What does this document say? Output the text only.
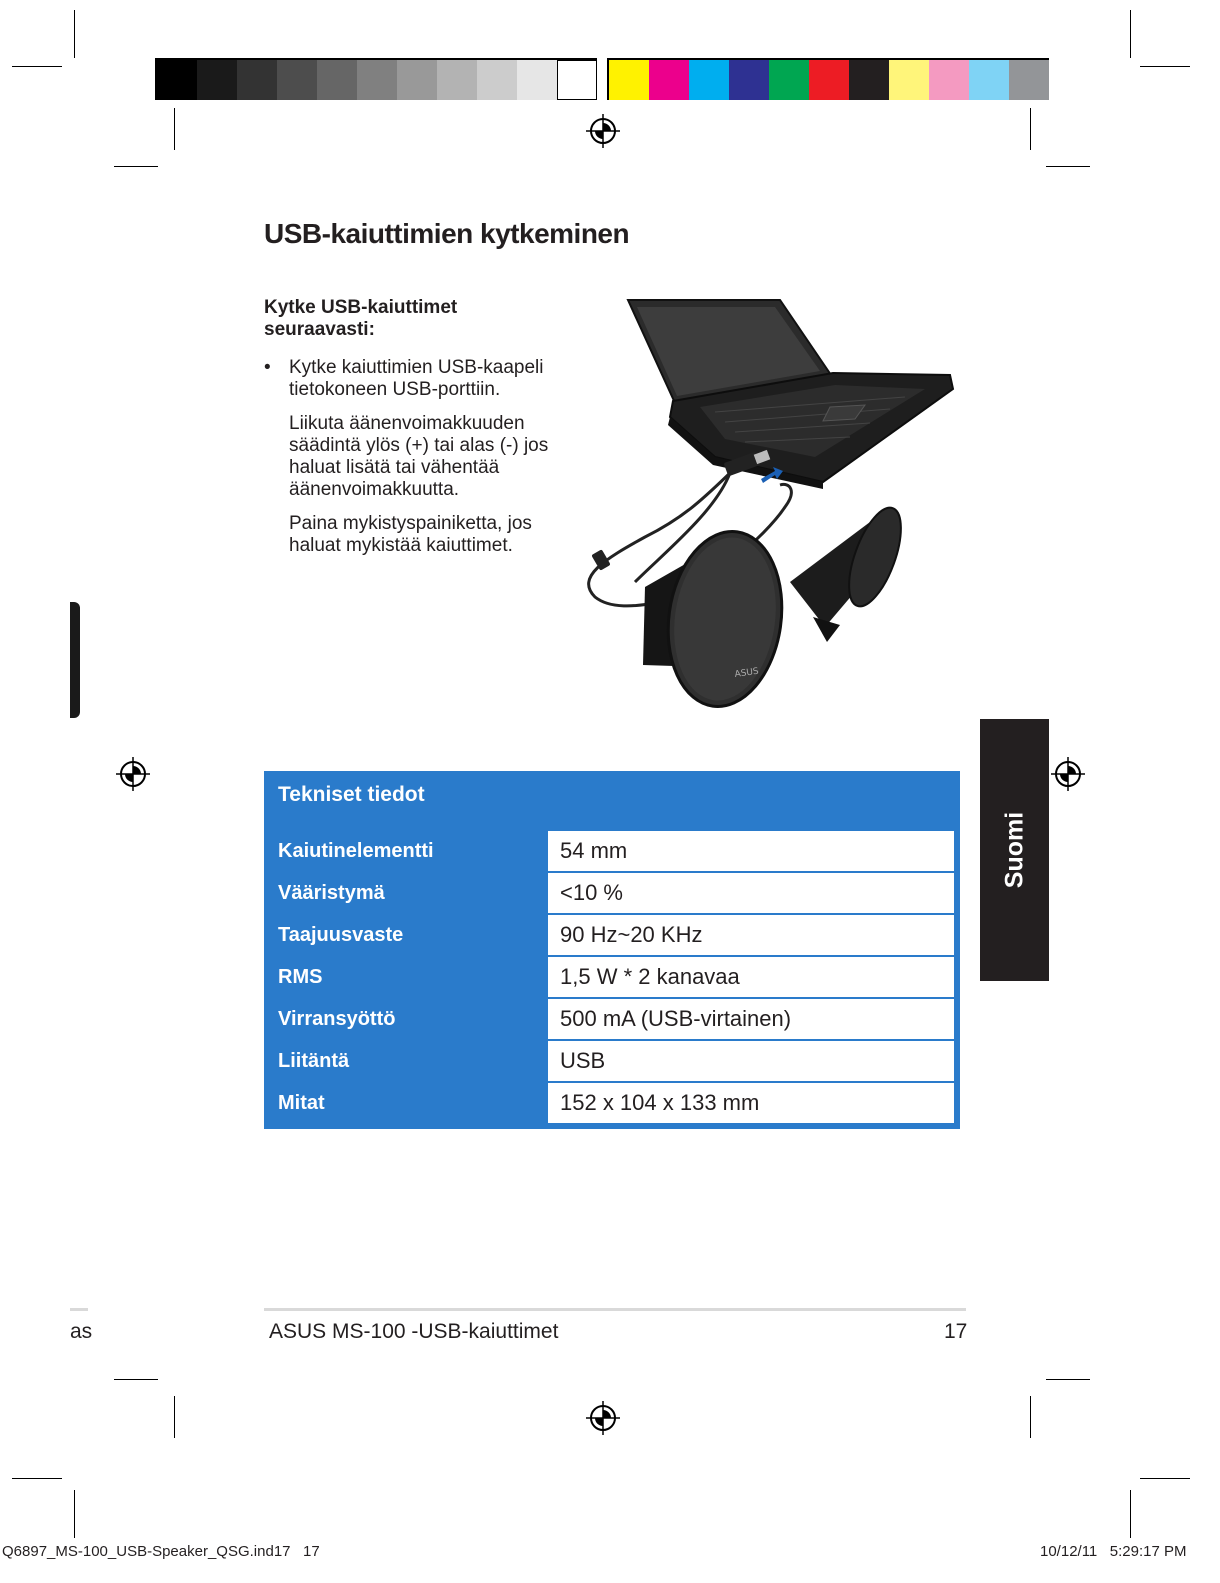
USB-kaiuttimien kytkeminen
Kytke USB-kaiuttimet seuraavasti:
• Kytke kaiuttimien USB-kaapeli tietokoneen USB-porttiin.

Liikuta äänenvoimakkuuden säädintä ylös (+) tai alas (-) jos haluat lisätä tai vähentää äänenvoimakkuutta.

Paina mykistyspainiketta, jos haluat mykistää kaiuttimet.

ASUS
Tekniset tiedot
Kaiutinelementti	54 mm
Vääristymä	<10 %
Taajuusvaste	90 Hz~20 KHz
RMS	1,5 W * 2 kanavaa
Virransyöttö	500 mA (USB-virtainen)
Liitäntä	USB
Mitat	152 x 104 x 133 mm
Suomi
as	ASUS MS-100 -USB-kaiuttimet	17
Q6897_MS-100_USB-Speaker_QSG.ind17   17	10/12/11   5:29:17 PM
